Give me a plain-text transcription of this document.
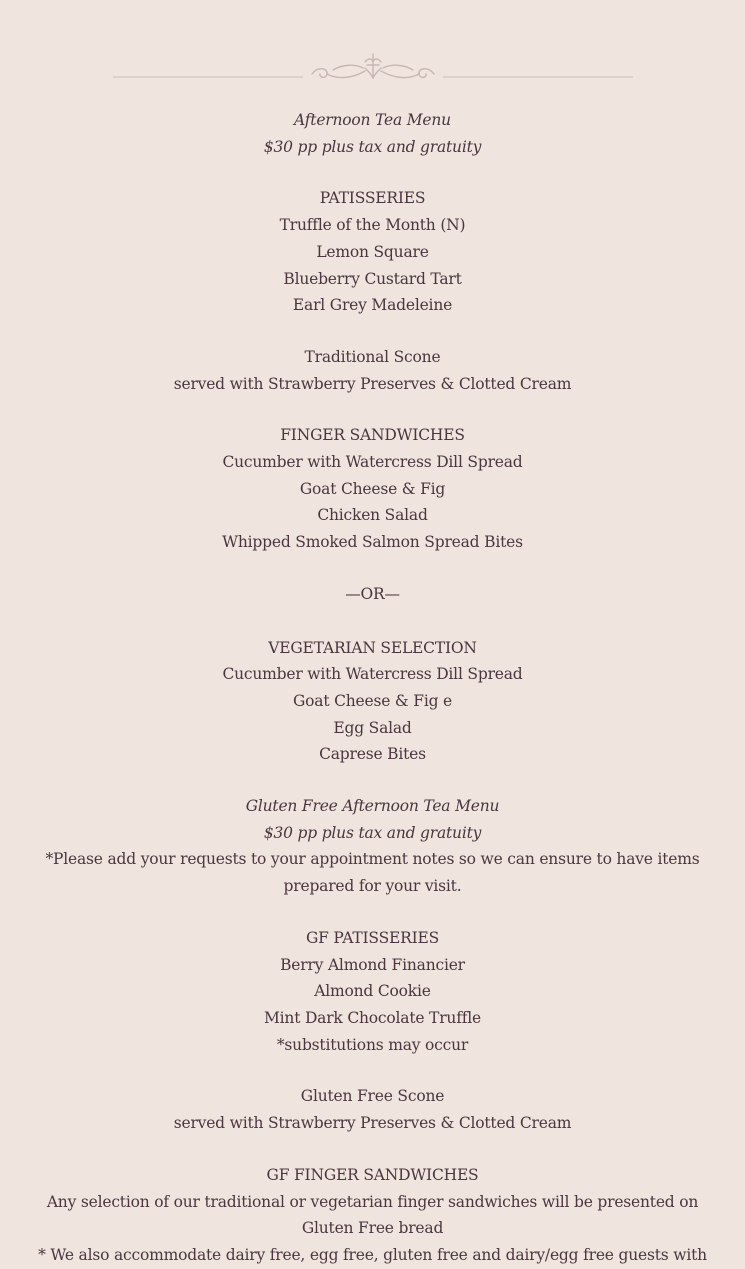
Afternoon Tea Menu

$30 pp plus tax and gratuity

PATISSERIES

Truffle of the Month (N)

Lemon Square

Blueberry Custard Tart

Earl Grey Madeleine

Traditional Scone

served with Strawberry Preserves & Clotted Cream

FINGER SANDWICHES

Cucumber with Watercress Dill Spread

Goat Cheese & Fig

Chicken Salad

Whipped Smoked Salmon Spread Bites

—OR—

VEGETARIAN SELECTION

Cucumber with Watercress Dill Spread

Goat Cheese & Fig e

Egg Salad

Caprese Bites

Gluten Free Afternoon Tea Menu

$30 pp plus tax and gratuity

*Please add your requests to your appointment notes so we can ensure to have items prepared for your visit.

GF PATISSERIES

Berry Almond Financier

Almond Cookie

Mint Dark Chocolate Truffle

*substitutions may occur

Gluten Free Scone

served with Strawberry Preserves & Clotted Cream

GF FINGER SANDWICHES

Any selection of our traditional or vegetarian finger sandwiches will be presented on Gluten Free bread

* We also accommodate dairy free, egg free, gluten free and dairy/egg free guests with
